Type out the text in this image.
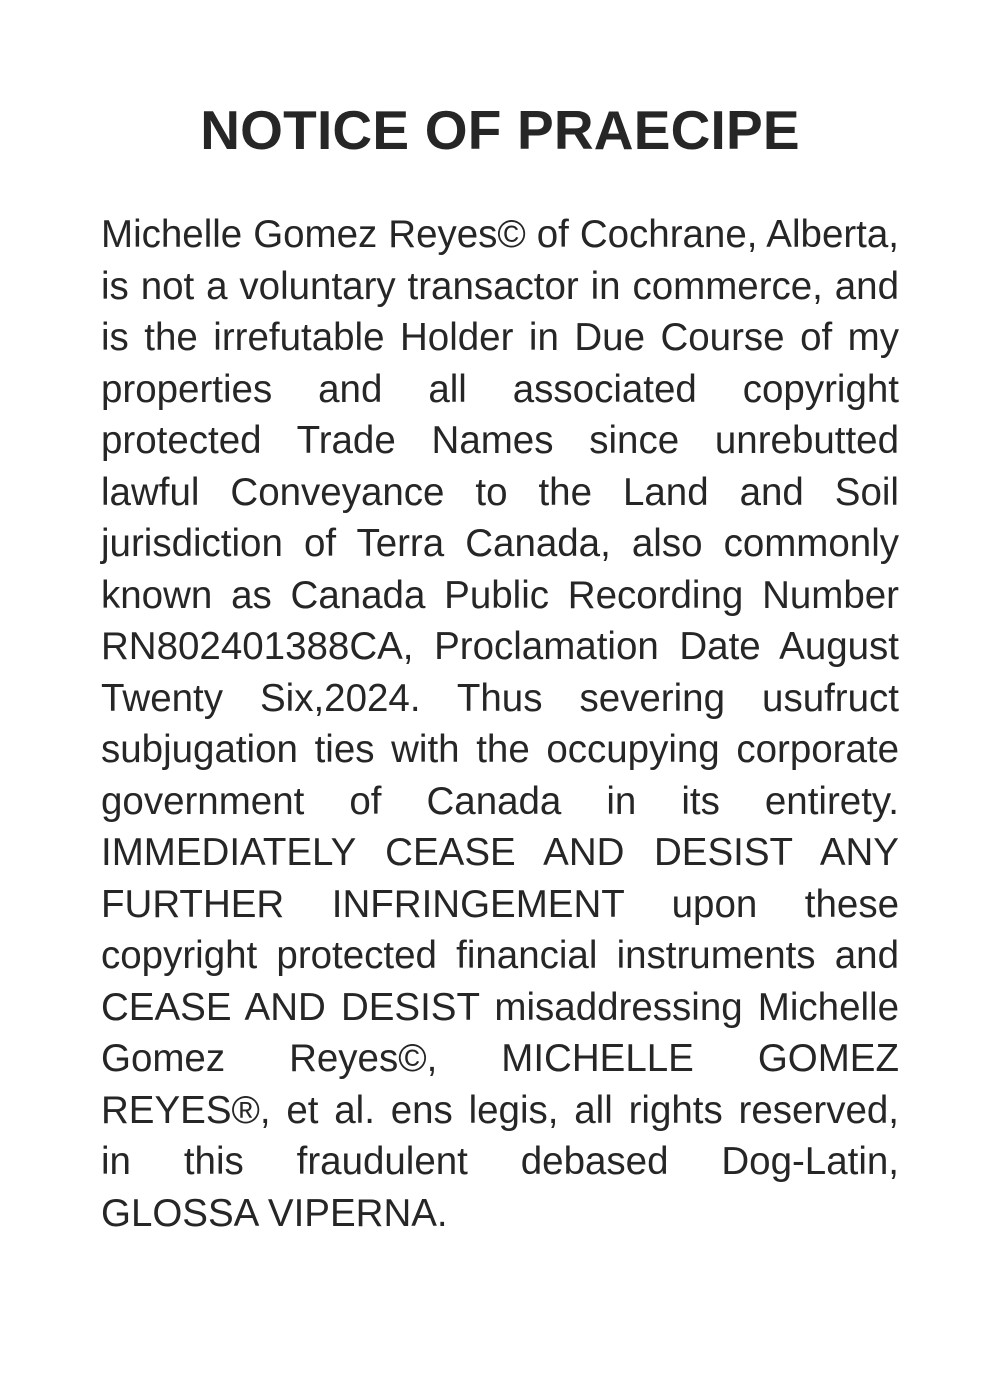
NOTICE OF PRAECIPE

Michelle Gomez Reyes© of Cochrane, Alberta, is not a voluntary transactor in commerce, and is the irrefutable Holder in Due Course of my properties and all associated copyright protected Trade Names since unrebutted lawful Conveyance to the Land and Soil jurisdiction of Terra Canada, also commonly known as Canada Public Recording Number RN802401388CA, Proclamation Date August Twenty Six,2024. Thus severing usufruct subjugation ties with the occupying corporate government of Canada in its entirety. IMMEDIATELY CEASE AND DESIST ANY FURTHER INFRINGEMENT upon these copyright protected financial instruments and CEASE AND DESIST misaddressing Michelle Gomez Reyes©, MICHELLE GOMEZ REYES®, et al. ens legis, all rights reserved, in this fraudulent debased Dog-Latin, GLOSSA VIPERNA.
